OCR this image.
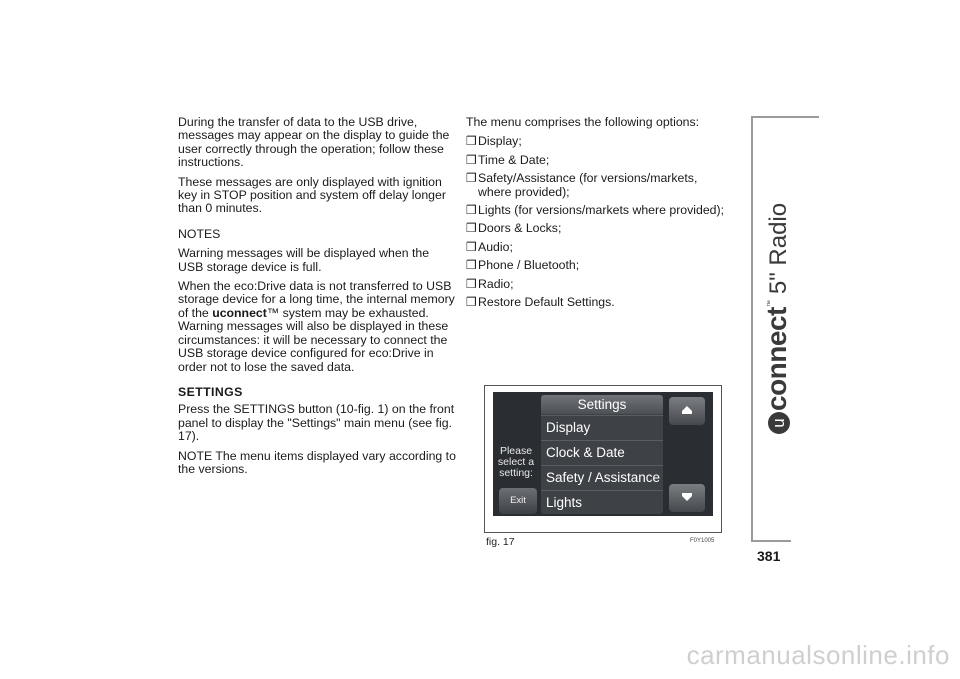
During the transfer of data to the USB drive, messages may appear on the display to guide the user correctly through the operation; follow these instructions.

These messages are only displayed with ignition key in STOP position and system off delay longer than 0 minutes.

NOTES

Warning messages will be displayed when the USB storage device is full.

When the eco:Drive data is not transferred to USB storage device for a long time, the internal memory of the uconnect™ system may be exhausted. Warning messages will also be displayed in these circumstances: it will be necessary to connect the USB storage device configured for eco:Drive in order not to lose the saved data.

SETTINGS

Press the SETTINGS button (10-fig. 1) on the front panel to display the "Settings" main menu (see fig. 17).

NOTE The menu items displayed vary according to the versions.

The menu comprises the following options:

❒ Display;
❒ Time & Date;
❒ Safety/Assistance (for versions/markets, where provided);
❒ Lights (for versions/markets where provided);
❒ Doors & Locks;
❒ Audio;
❒ Phone / Bluetooth;
❒ Radio;
❒ Restore Default Settings.
Please
select a
setting:
Exit
Settings
Display
Clock & Date
Safety / Assistance
Lights
fig. 17	F0Y1005
uconnect™5" Radio
381
carmanualsonline.info
